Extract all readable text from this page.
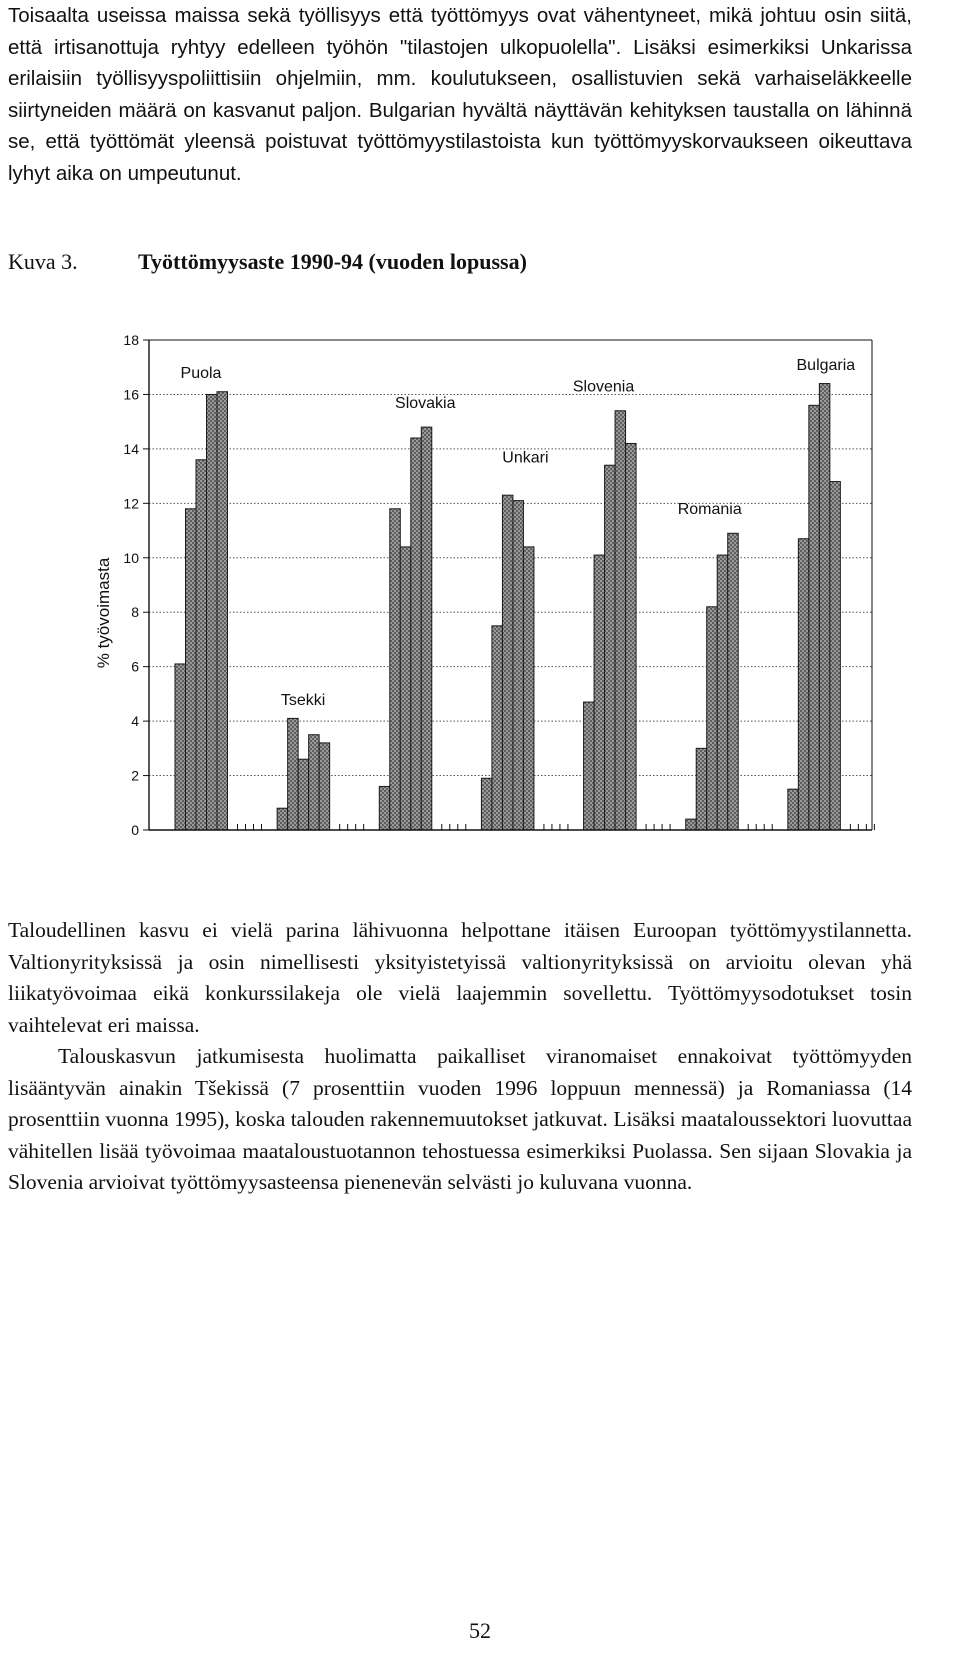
Toisaalta useissa maissa sekä työllisyys että työttömyys ovat vähentyneet, mikä johtuu osin siitä, että irtisanottuja ryhtyy edelleen työhön "tilastojen ulkopuolella". Lisäksi esimerkiksi Unkarissa erilaisiin työllisyyspoliittisiin ohjelmiin, mm. koulutukseen, osallistuvien sekä varhaiseläkkeelle siirtyneiden määrä on kasvanut paljon. Bulgarian hyvältä näyttävän kehityksen taustalla on lähinnä se, että työttömät yleensä poistuvat työttömyystilastoista kun työttömyyskorvaukseen oikeuttava lyhyt aika on umpeutunut.

Kuva 3.	Työttömyysaste 1990-94 (vuoden lopussa)
0
2
4
6
8
10
12
14
16
18
Puola
Tsekki
Slovakia
Unkari
Slovenia
Romania
Bulgaria
% työvoimasta

Taloudellinen kasvu ei vielä parina lähivuonna helpottane itäisen Euroopan työttömyystilannetta. Valtionyrityksissä ja osin nimellisesti yksityistetyissä valtionyrityksissä on arvioitu olevan yhä liikatyövoimaa eikä konkurssilakeja ole vielä laajemmin sovellettu. Työttömyysodotukset tosin vaihtelevat eri maissa.

Talouskasvun jatkumisesta huolimatta paikalliset viranomaiset ennakoivat työttömyyden lisääntyvän ainakin Tšekissä (7 prosenttiin vuoden 1996 loppuun mennessä) ja Romaniassa (14 prosenttiin vuonna 1995), koska talouden rakennemuutokset jatkuvat. Lisäksi maataloussektori luovuttaa vähitellen lisää työvoimaa maataloustuotannon tehostuessa esimerkiksi Puolassa. Sen sijaan Slovakia ja Slovenia arvioivat työttömyysasteensa pienenevän selvästi jo kuluvana vuonna.

52
